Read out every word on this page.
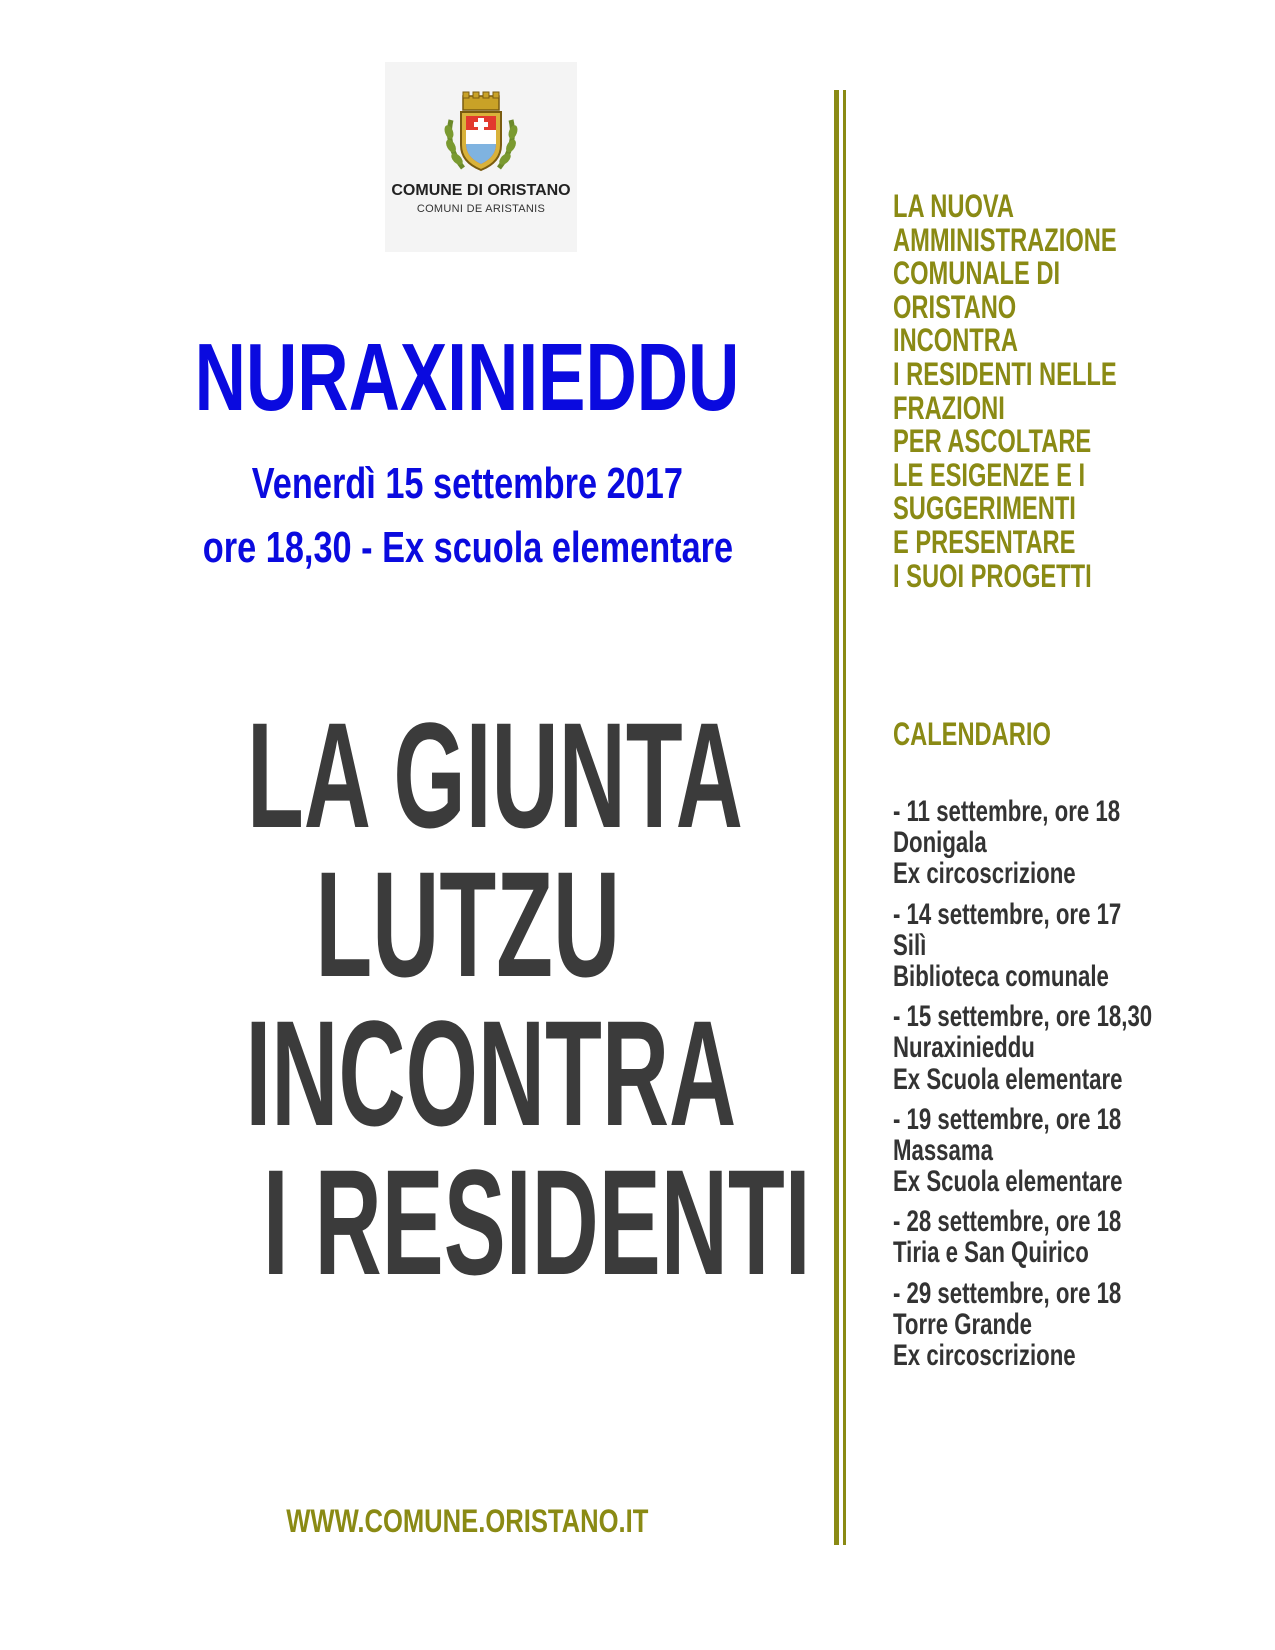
COMUNE DI ORISTANO
COMUNI DE ARISTANIS
NURAXINIEDDU
Venerdì 15 settembre 2017
ore 18,30 - Ex scuola elementare
LA GIUNTA
LUTZU
INCONTRA
I RESIDENTI
WWW.COMUNE.ORISTANO.IT
LA NUOVA
AMMINISTRAZIONE
COMUNALE DI
ORISTANO
INCONTRA
I RESIDENTI NELLE
FRAZIONI
PER ASCOLTARE
LE ESIGENZE E I
SUGGERIMENTI
E PRESENTARE
I SUOI PROGETTI
CALENDARIO
- 11 settembre, ore 18
Donigala
Ex circoscrizione
- 14 settembre, ore 17
Silì
Biblioteca comunale
- 15 settembre, ore 18,30
Nuraxinieddu
Ex Scuola elementare
- 19 settembre, ore 18
Massama
Ex Scuola elementare
- 28 settembre, ore 18
Tiria e San Quirico
- 29 settembre, ore 18
Torre Grande
Ex circoscrizione
